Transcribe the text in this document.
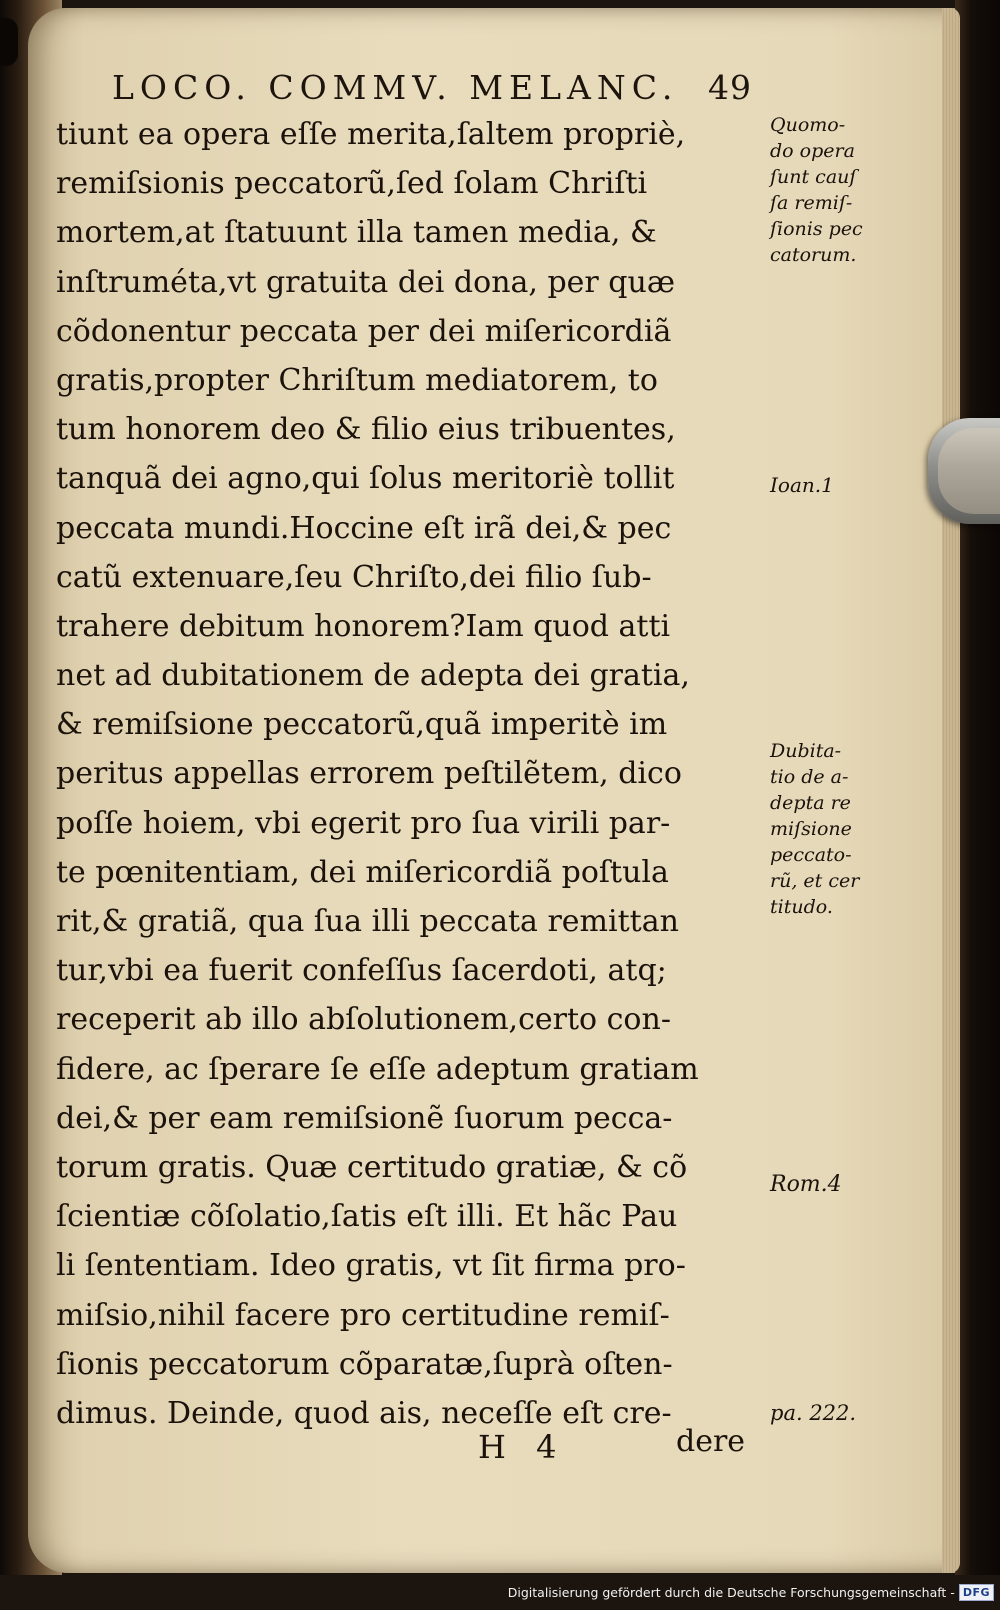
LOCO. COMMV. MELANC. 49
tiunt ea opera eſſe merita,ſaltem propriè,
remiſsionis peccatorũ,ſed ſolam Chriſti
mortem,at ſtatuunt illa tamen media, &
inſtruméta,vt gratuita dei dona, per quæ
cõdonentur peccata per dei miſericordiã
gratis,propter Chriſtum mediatorem, to
tum honorem deo & filio eius tribuentes,
tanquã dei agno,qui ſolus meritoriè tollit
peccata mundi.Hoccine eſt irã dei,& pec
catũ extenuare,ſeu Chriſto,dei filio ſub-
trahere debitum honorem?Iam quod atti
net ad dubitationem de adepta dei gratia,
& remiſsione peccatorũ,quã imperitè im
peritus appellas errorem peſtilẽtem, dico
poſſe hoiem, vbi egerit pro ſua virili par-
te pœnitentiam, dei miſericordiã poſtula
rit,& gratiã, qua ſua illi peccata remittan
tur,vbi ea fuerit confeſſus ſacerdoti, atq;
receperit ab illo abſolutionem,certo con-
fidere, ac ſperare ſe eſſe adeptum gratiam
dei,& per eam remiſsionẽ ſuorum pecca-
torum gratis. Quæ certitudo gratiæ, & cõ
ſcientiæ cõſolatio,ſatis eſt illi. Et hãc Pau
li ſententiam. Ideo gratis, vt ſit firma pro-
miſsio,nihil facere pro certitudine remiſ-
ſionis peccatorum cõparatæ,ſuprà oſten-
dimus. Deinde, quod ais, neceſſe eſt cre-
Quomo-
do opera
ſunt cauſ
ſa remiſ-
ſionis pec
catorum.
Ioan.1
Dubita-
tio de a-
depta re
miſsione
peccato-
rũ, et cer
titudo.
Rom.4
pa. 222.
H 4	dere
Digitalisierung gefördert durch die Deutsche Forschungsgemeinschaft - DFG
